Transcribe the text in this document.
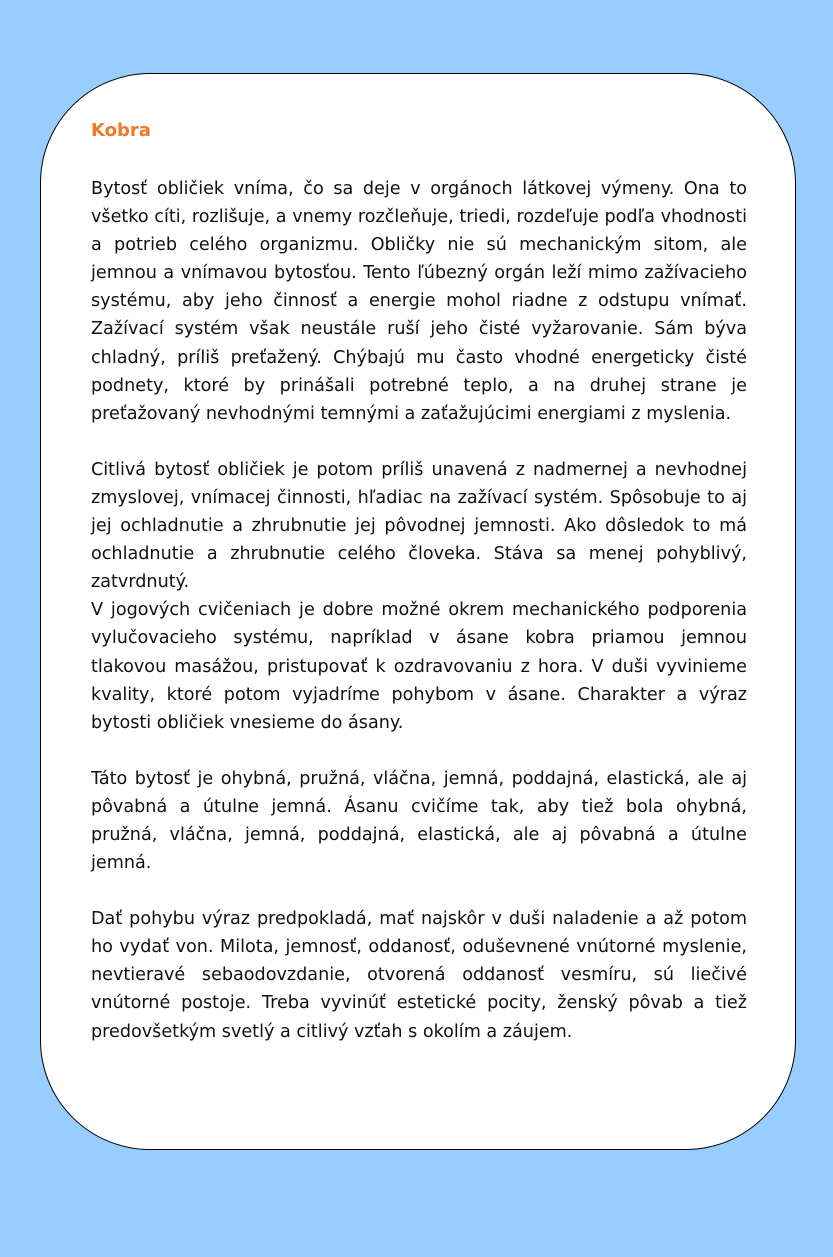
Kobra

Bytosť obličiek vníma, čo sa deje v orgánoch látkovej výmeny. Ona to všetko cíti, rozlišuje, a vnemy rozčleňuje, triedi, rozdeľuje podľa vhodnosti a potrieb celého organizmu. Obličky nie sú mechanickým sitom, ale jemnou a vnímavou bytosťou. Tento ľúbezný orgán leží mimo zažívacieho systému, aby jeho činnosť a energie mohol riadne z odstupu vnímať. Zažívací systém však neustále ruší jeho čisté vyžarovanie. Sám býva chladný, príliš preťažený. Chýbajú mu často vhodné energeticky čisté podnety, ktoré by prinášali potrebné teplo, a na druhej strane je preťažovaný nevhodnými temnými a zaťažujúcimi energiami z myslenia.

Citlivá bytosť obličiek je potom príliš unavená z nadmernej a nevhodnej zmyslovej, vnímacej činnosti, hľadiac na zažívací systém. Spôsobuje to aj jej ochladnutie a zhrubnutie jej pôvodnej jemnosti. Ako dôsledok to má ochladnutie a zhrubnutie celého človeka. Stáva sa menej pohyblivý, zatvrdnutý.

V jogových cvičeniach je dobre možné okrem mechanického podporenia vylučovacieho systému, napríklad v ásane kobra priamou jemnou tlakovou masážou, pristupovať k ozdravovaniu z hora. V duši vyvinieme kvality, ktoré potom vyjadríme pohybom v ásane. Charakter a výraz bytosti obličiek vnesieme do ásany.

Táto bytosť je ohybná, pružná, vláčna, jemná, poddajná, elastická, ale aj pôvabná a útulne jemná. Ásanu cvičíme tak, aby tiež bola ohybná, pružná, vláčna, jemná, poddajná, elastická, ale aj pôvabná a útulne jemná.

Dať pohybu výraz predpokladá, mať najskôr v duši naladenie a až potom ho vydať von. Milota, jemnosť, oddanosť, oduševnené vnútorné myslenie, nevtieravé sebaodovzdanie, otvorená oddanosť vesmíru, sú liečivé vnútorné postoje. Treba vyvinúť estetické pocity, ženský pôvab a tiež predovšetkým svetlý a citlivý vzťah s okolím a záujem.
